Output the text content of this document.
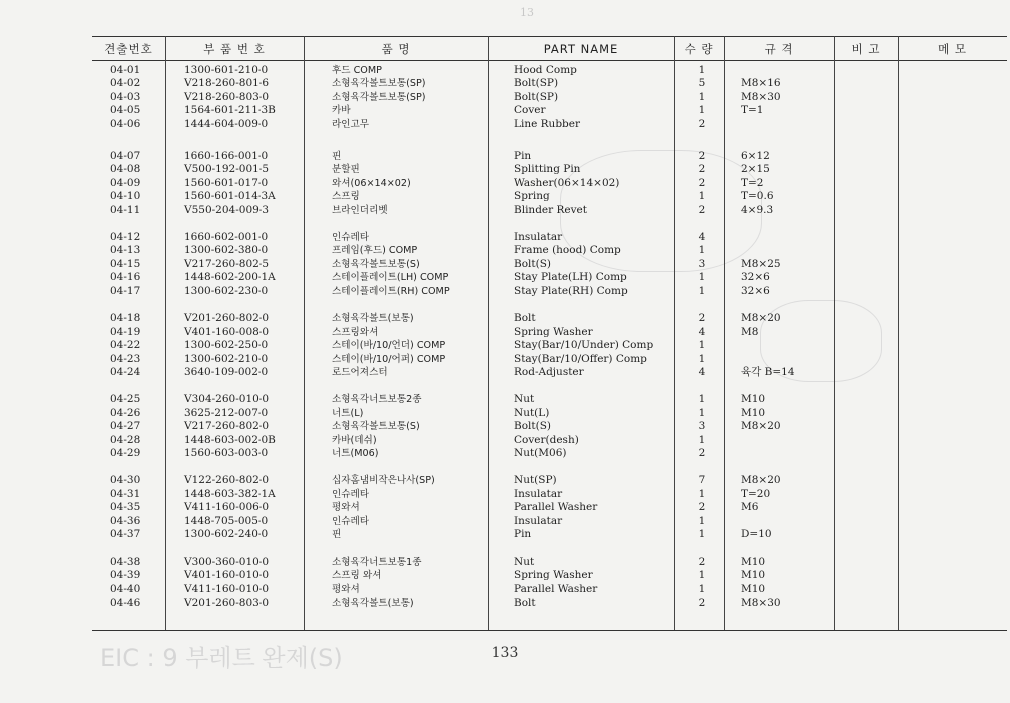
13
견출번호	부 품 번 호	품 명	PART NAME	수 량	규 격	비 고	메 모
04-01	1300-601-210-0	후드 COMP	Hood Comp	1
04-02	V218-260-801-6	소형육각볼트보통(SP)	Bolt(SP)	5	M8×16
04-03	V218-260-803-0	소형육각볼트보통(SP)	Bolt(SP)	1	M8×30
04-05	1564-601-211-3B	카바	Cover	1	T=1
04-06	1444-604-009-0	라인고무	Line Rubber	2
04-07	1660-166-001-0	핀	Pin	2	6×12
04-08	V500-192-001-5	분할핀	Splitting Pin	2	2×15
04-09	1560-601-017-0	와셔(06×14×02)	Washer(06×14×02)	2	T=2
04-10	1560-601-014-3A	스프링	Spring	1	T=0.6
04-11	V550-204-009-3	브라인더리벳	Blinder Revet	2	4×9.3
04-12	1660-602-001-0	인슈레타	Insulatar	4
04-13	1300-602-380-0	프레임(후드) COMP	Frame (hood) Comp	1
04-15	V217-260-802-5	소형육각볼트보통(S)	Bolt(S)	3	M8×25
04-16	1448-602-200-1A	스테이플레이트(LH) COMP	Stay Plate(LH) Comp	1	32×6
04-17	1300-602-230-0	스테이플레이트(RH) COMP	Stay Plate(RH) Comp	1	32×6
04-18	V201-260-802-0	소형육각볼트(보통)	Bolt	2	M8×20
04-19	V401-160-008-0	스프링와셔	Spring Washer	4	M8
04-22	1300-602-250-0	스테이(바/10/언더) COMP	Stay(Bar/10/Under) Comp	1
04-23	1300-602-210-0	스테이(바/10/어퍼) COMP	Stay(Bar/10/Offer) Comp	1
04-24	3640-109-002-0	로드어져스터	Rod-Adjuster	4	육각 B=14
04-25	V304-260-010-0	소형육각너트보통2종	Nut	1	M10
04-26	3625-212-007-0	너트(L)	Nut(L)	1	M10
04-27	V217-260-802-0	소형육각볼트보통(S)	Bolt(S)	3	M8×20
04-28	1448-603-002-0B	카바(데쉬)	Cover(desh)	1
04-29	1560-603-003-0	너트(M06)	Nut(M06)	2
04-30	V122-260-802-0	십자홈냄비작은나사(SP)	Nut(SP)	7	M8×20
04-31	1448-603-382-1A	인슈레타	Insulatar	1	T=20
04-35	V411-160-006-0	평와셔	Parallel Washer	2	M6
04-36	1448-705-005-0	인슈레타	Insulatar	1
04-37	1300-602-240-0	핀	Pin	1	D=10
04-38	V300-360-010-0	소형육각너트보통1종	Nut	2	M10
04-39	V401-160-010-0	스프링 와셔	Spring Washer	1	M10
04-40	V411-160-010-0	평와셔	Parallel Washer	1	M10
04-46	V201-260-803-0	소형육각볼트(보통)	Bolt	2	M8×30
133
EIC : 9 부레트 완제(S)
